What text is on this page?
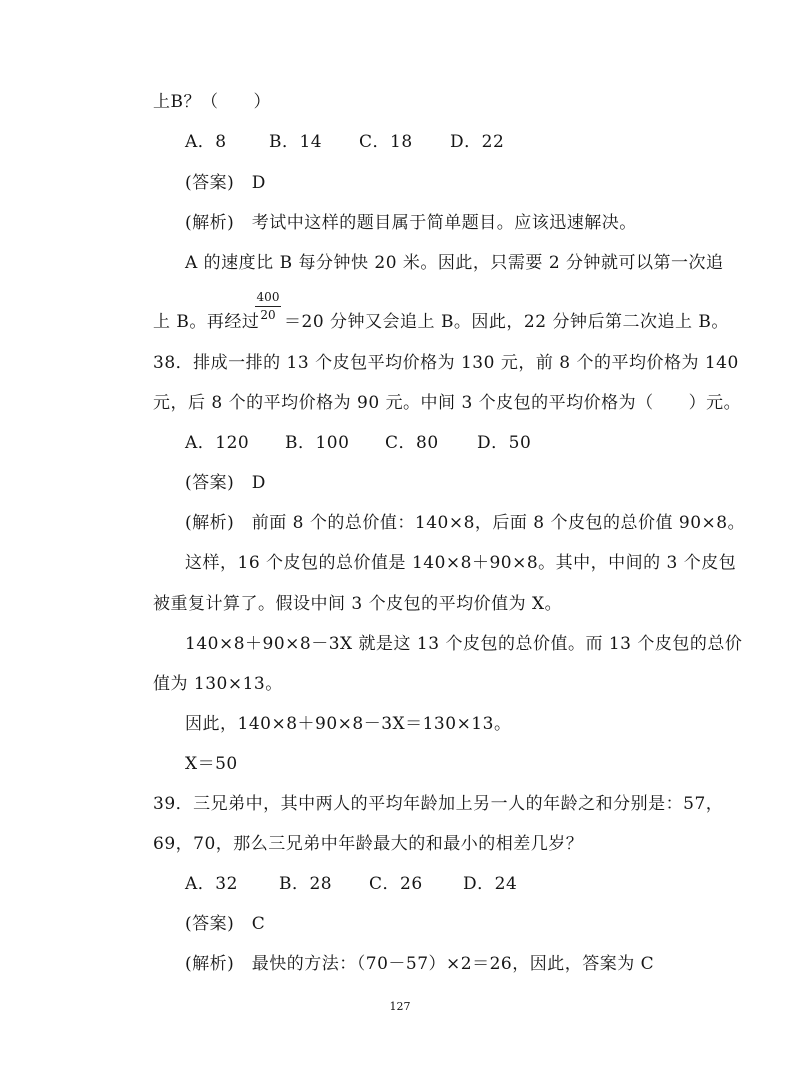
上B？（　　）
A．8 B．14 C．18 D．22
(答案)　D
(解析)　考试中这样的题目属于简单题目。应该迅速解决。
A 的速度比 B 每分钟快 20 米。因此，只需要 2 分钟就可以第一次追
400
20
上 B。再经过 ＝20 分钟又会追上 B。因此，22 分钟后第二次追上 B。
38．排成一排的 13 个皮包平均价格为 130 元，前 8 个的平均价格为 140
元，后 8 个的平均价格为 90 元。中间 3 个皮包的平均价格为（　　）元。
A．120 B．100 C．80 D．50
(答案)　D
(解析)　前面 8 个的总价值：140×8，后面 8 个皮包的总价值 90×8。
这样，16 个皮包的总价值是 140×8＋90×8。其中，中间的 3 个皮包
被重复计算了。假设中间 3 个皮包的平均价值为 X。
140×8＋90×8－3X 就是这 13 个皮包的总价值。而 13 个皮包的总价
值为 130×13。
因此，140×8＋90×8－3X＝130×13。
X＝50
39．三兄弟中，其中两人的平均年龄加上另一人的年龄之和分别是：57，
69，70，那么三兄弟中年龄最大的和最小的相差几岁？
A．32 B．28 C．26 D．24
(答案)　C
(解析)　最快的方法：（70－57）×2＝26，因此，答案为 C
127
